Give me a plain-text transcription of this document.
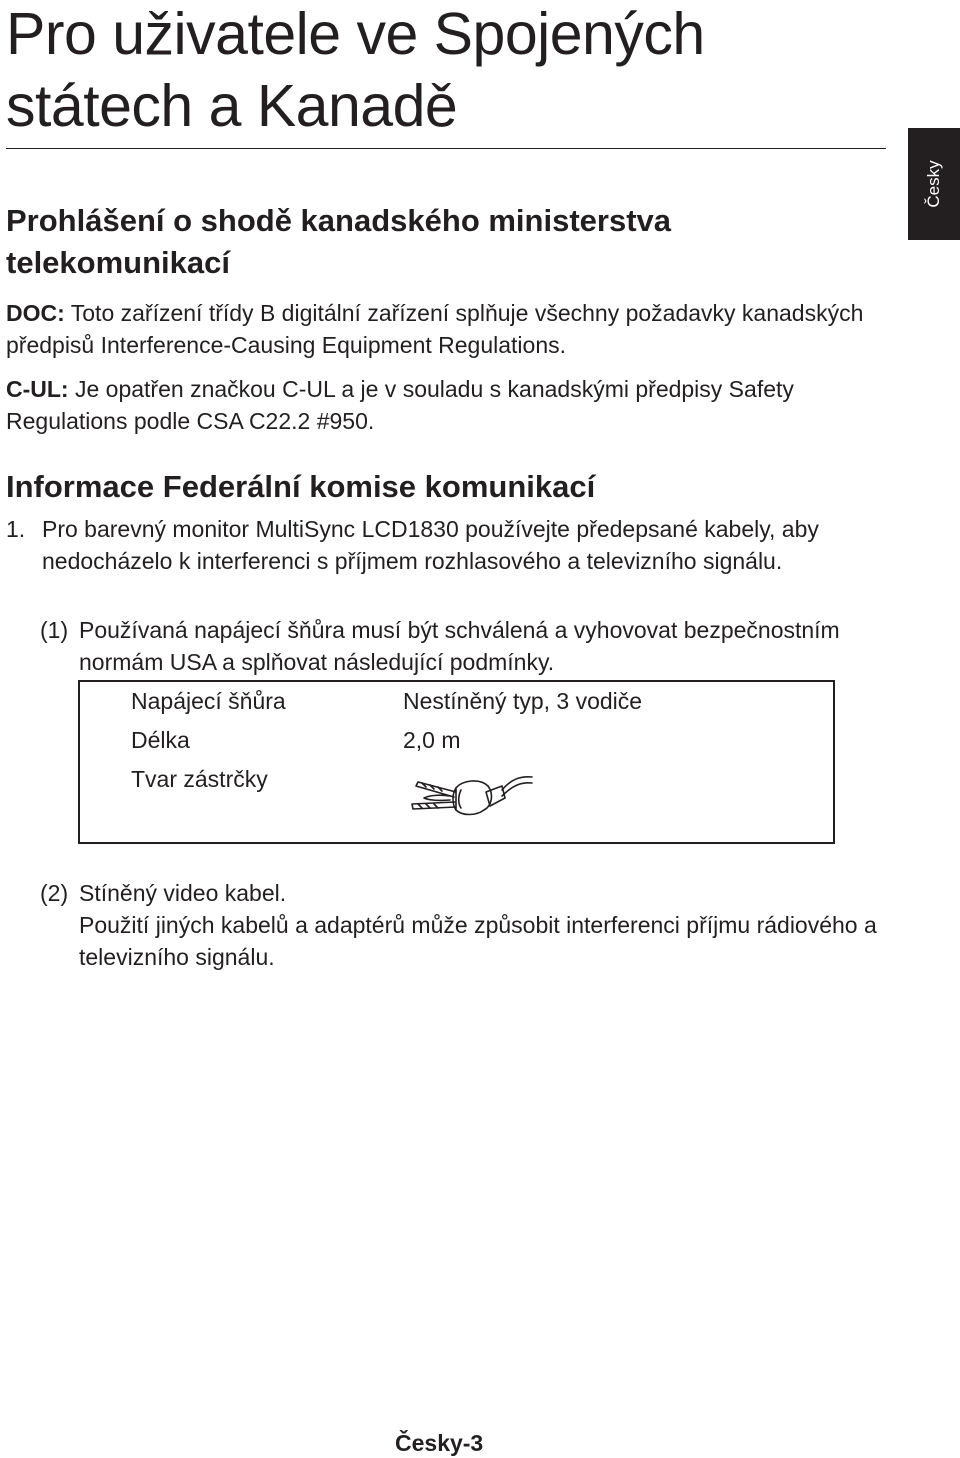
Pro uživatele ve Spojených státech a Kanadě
Česky
Prohlášení o shodě kanadského ministerstva telekomunikací

DOC: Toto zařízení třídy B digitální zařízení splňuje všechny požadavky kanadských předpisů Interference-Causing Equipment Regulations.

C-UL: Je opatřen značkou C-UL a je v souladu s kanadskými předpisy Safety Regulations podle CSA C22.2 #950.

Informace Federální komise komunikací
1. Pro barevný monitor MultiSync LCD1830 používejte předepsané kabely, aby nedocházelo k interferenci s příjmem rozhlasového a televizního signálu.
(1) Používaná napájecí šňůra musí být schválená a vyhovovat bezpečnostním normám USA a splňovat následující podmínky.
Napájecí šňůra	Nestíněný typ, 3 vodiče
Délka	2,0 m
Tvar zástrčky
(2) Stíněný video kabel.
Použití jiných kabelů a adaptérů může způsobit interferenci příjmu rádiového a televizního signálu.
Česky-3
